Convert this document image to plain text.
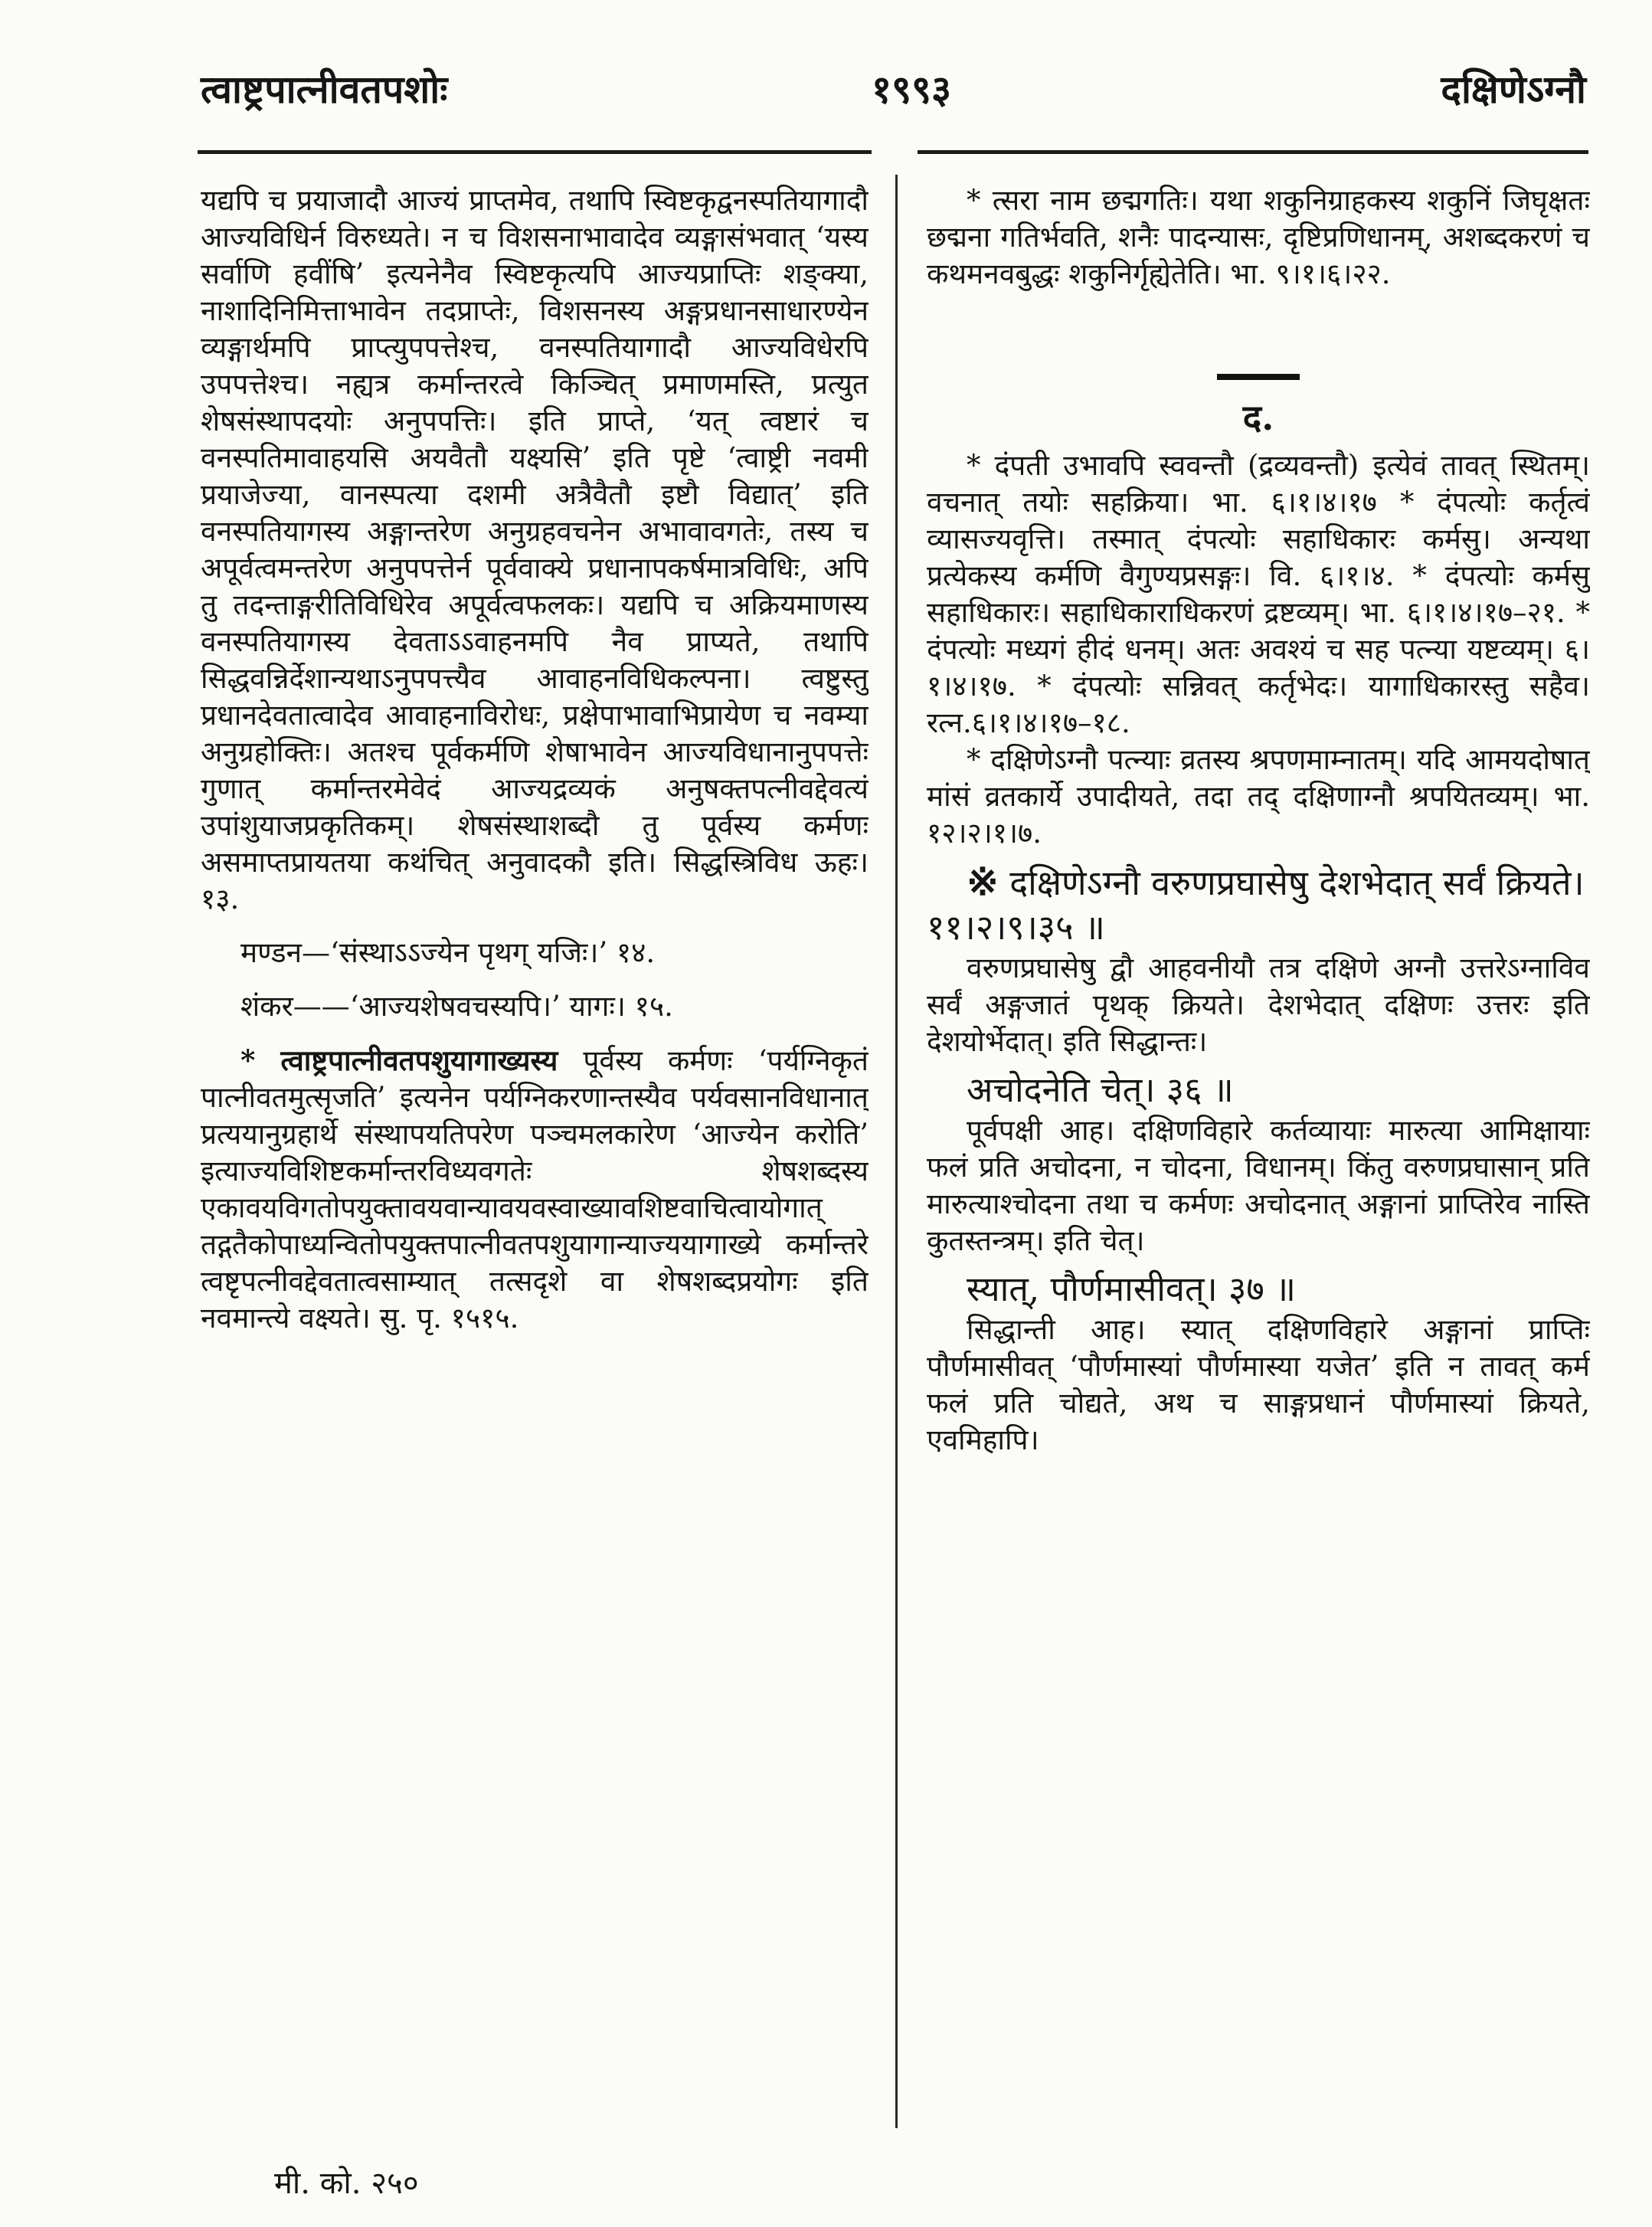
त्वाष्ट्रपात्नीवतपशोः	१९९३	दक्षिणेऽग्नौ

यद्यपि च प्रयाजादौ आज्यं प्राप्तमेव, तथापि स्विष्टकृद्वनस्पतियागादौ आज्यविधिर्न विरुध्यते। न च विशसनाभावादेव व्यङ्गासंभवात् ‘यस्य सर्वाणि हवींषि’ इत्यनेनैव स्विष्टकृत्यपि आज्यप्राप्तिः शङ्क्या, नाशादिनिमित्ताभावेन तदप्राप्तेः, विशसनस्य अङ्गप्रधानसाधारण्येन व्यङ्गार्थमपि प्राप्त्युपपत्तेश्च, वनस्पतियागादौ आज्यविधेरपि उपपत्तेश्च। नह्यत्र कर्मान्तरत्वे किञ्चित् प्रमाणमस्ति, प्रत्युत शेषसंस्थापदयोः अनुपपत्तिः। इति प्राप्ते, ‘यत् त्वष्टारं च वनस्पतिमावाहयसि अयवैतौ यक्ष्यसि’ इति पृष्टे ‘त्वाष्ट्री नवमी प्रयाजेज्या, वानस्पत्या दशमी अत्रैवैतौ इष्टौ विद्यात्’ इति वनस्पतियागस्य अङ्गान्तरेण अनुग्रहवचनेन अभावावगतेः, तस्य च अपूर्वत्वमन्तरेण अनुपपत्तेर्न पूर्ववाक्ये प्रधानापकर्षमात्रविधिः, अपि तु तदन्ताङ्गरीतिविधिरेव अपूर्वत्वफलकः। यद्यपि च अक्रियमाणस्य वनस्पतियागस्य देवताऽऽवाहनमपि नैव प्राप्यते, तथापि सिद्धवन्निर्देशान्यथाऽनुपपत्त्यैव आवाहनविधिकल्पना। त्वष्टुस्तु प्रधानदेवतात्वादेव आवाहनाविरोधः, प्रक्षेपाभावाभिप्रायेण च नवम्या अनुग्रहोक्तिः। अतश्च पूर्वकर्मणि शेषाभावेन आज्यविधानानुपपत्तेः गुणात् कर्मान्तरमेवेदं आज्यद्रव्यकं अनुषक्तपत्नीवद्देवत्यं उपांशुयाजप्रकृतिकम्। शेषसंस्थाशब्दौ तु पूर्वस्य कर्मणः असमाप्तप्रायतया कथंचित् अनुवादकौ इति। सिद्धस्त्रिविध ऊहः। १३.

मण्डन—‘संस्थाऽऽज्येन पृथग् यजिः।’ १४.

शंकर——‘आज्यशेषवचस्यपि।’ यागः। १५.

* त्वाष्ट्रपात्नीवतपशुयागाख्यस्य पूर्वस्य कर्मणः ‘पर्यग्निकृतं पात्नीवतमुत्सृजति’ इत्यनेन पर्यग्निकरणान्तस्यैव पर्यवसानविधानात् प्रत्ययानुग्रहार्थे संस्थापयतिपरेण पञ्चमलकारेण ‘आज्येन करोति’ इत्याज्यविशिष्टकर्मान्तरविध्यवगतेः शेषशब्दस्य एकावयविगतोपयुक्तावयवान्यावयवस्वाख्यावशिष्टवाचित्वायोगात् तद्गतैकोपाध्यन्वितोपयुक्तपात्नीवतपशुयागान्याज्ययागाख्ये कर्मान्तरे त्वष्टृपत्नीवद्देवतात्वसाम्यात् तत्सदृशे वा शेषशब्दप्रयोगः इति नवमान्त्ये वक्ष्यते। सु. पृ. १५१५.

* त्सरा नाम छद्मगतिः। यथा शकुनिग्राहकस्य शकुनिं जिघृक्षतः छद्मना गतिर्भवति, शनैः पादन्यासः, दृष्टिप्रणिधानम्, अशब्दकरणं च कथमनवबुद्धः शकुनिर्गृह्येतेति। भा. ९।१।६।२२.

द.

* दंपती उभावपि स्ववन्तौ (द्रव्यवन्तौ) इत्येवं तावत् स्थितम्। वचनात् तयोः सहक्रिया। भा. ६।१।४।१७ * दंपत्योः कर्तृत्वं व्यासज्यवृत्ति। तस्मात् दंपत्योः सहाधिकारः कर्मसु। अन्यथा प्रत्येकस्य कर्मणि वैगुण्यप्रसङ्गः। वि. ६।१।४. * दंपत्योः कर्मसु सहाधिकारः। सहाधिकाराधिकरणं द्रष्टव्यम्। भा. ६।१।४।१७–२१. * दंपत्योः मध्यगं हीदं धनम्। अतः अवश्यं च सह पत्न्या यष्टव्यम्। ६।१।४।१७. * दंपत्योः सन्निवत् कर्तृभेदः। यागाधिकारस्तु सहैव। रत्न.६।१।४।१७–१८.

* दक्षिणेऽग्नौ पत्न्याः व्रतस्य श्रपणमाम्नातम्। यदि आमयदोषात् मांसं व्रतकार्ये उपादीयते, तदा तद् दक्षिणाग्नौ श्रपयितव्यम्। भा. १२।२।१।७.

※ दक्षिणेऽग्नौ वरुणप्रघासेषु देशभेदात् सर्वं क्रियते। ११।२।९।३५ ॥

वरुणप्रघासेषु द्वौ आहवनीयौ तत्र दक्षिणे अग्नौ उत्तरेऽग्नाविव सर्वं अङ्गजातं पृथक् क्रियते। देशभेदात् दक्षिणः उत्तरः इति देशयोर्भेदात्। इति सिद्धान्तः।

अचोदनेति चेत्। ३६ ॥

पूर्वपक्षी आह। दक्षिणविहारे कर्तव्यायाः मारुत्या आमिक्षायाः फलं प्रति अचोदना, न चोदना, विधानम्। किंतु वरुणप्रघासान् प्रति मारुत्याश्चोदना तथा च कर्मणः अचोदनात् अङ्गानां प्राप्तिरेव नास्ति कुतस्तन्त्रम्। इति चेत्।

स्यात्, पौर्णमासीवत्। ३७ ॥

सिद्धान्ती आह। स्यात् दक्षिणविहारे अङ्गानां प्राप्तिः पौर्णमासीवत् ‘पौर्णमास्यां पौर्णमास्या यजेत’ इति न तावत् कर्म फलं प्रति चोद्यते, अथ च साङ्गप्रधानं पौर्णमास्यां क्रियते, एवमिहापि।

मी. को. २५०
